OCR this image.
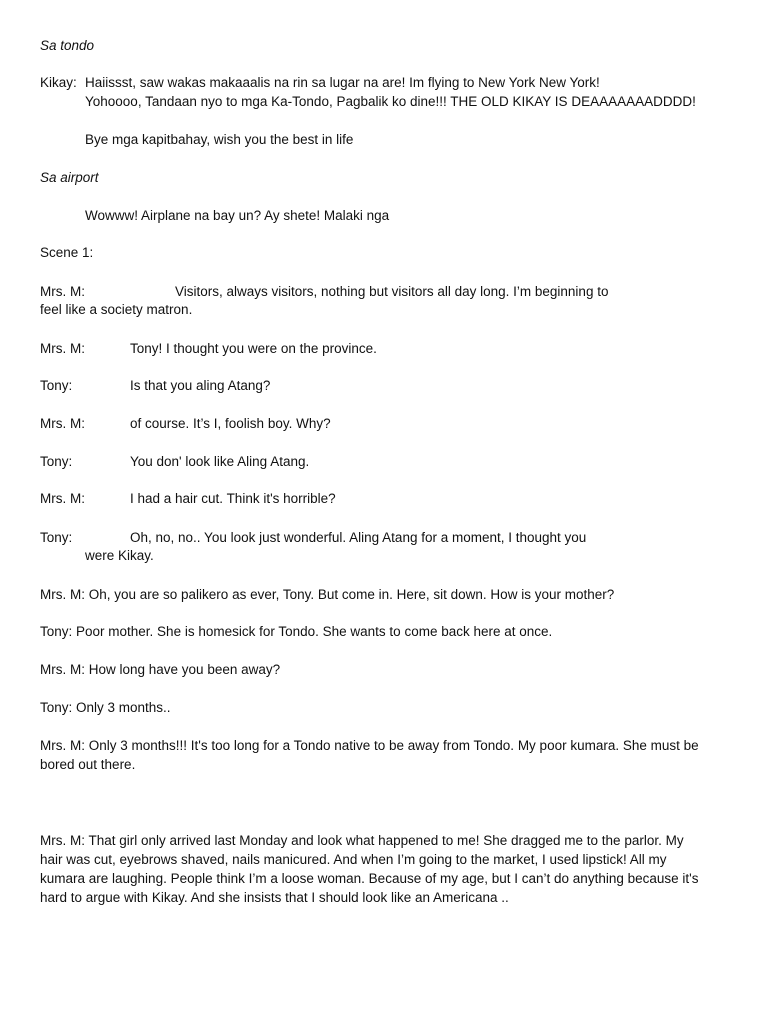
Sa tondo
Kikay: Haiissst, saw wakas makaaalis na rin sa lugar na are! Im flying to New York New York!
Yohoooo, Tandaan nyo to mga Ka-Tondo, Pagbalik ko dine!!! THE OLD KIKAY IS DEAAAAAAADDDD!
Bye mga kapitbahay, wish you the best in life
Sa airport
Wowww! Airplane na bay un? Ay shete! Malaki nga
Scene 1:
Mrs. M:	Visitors, always visitors, nothing but visitors all day long. I’m beginning to
feel like a society matron.
Mrs. M:	Tony! I thought you were on the province.
Tony:	Is that you aling Atang?
Mrs. M:	of course. It’s I, foolish boy. Why?
Tony:	You don' look like Aling Atang.
Mrs. M:	I had a hair cut. Think it's horrible?
Tony:	Oh, no, no.. You look just wonderful. Aling Atang for a moment, I thought you
were Kikay.
Mrs. M: Oh, you are so palikero as ever, Tony. But come in. Here, sit down. How is your mother?
Tony: Poor mother. She is homesick for Tondo. She wants to come back here at once.
Mrs. M: How long have you been away?
Tony: Only 3 months..
Mrs. M: Only 3 months!!! It's too long for a Tondo native to be away from Tondo. My poor kumara. She must be
bored out there.
Mrs. M: That girl only arrived last Monday and look what happened to me! She dragged me to the parlor. My
hair was cut, eyebrows shaved, nails manicured. And when I’m going to the market, I used lipstick! All my
kumara are laughing. People think I’m a loose woman. Because of my age, but I can’t do anything because it's
hard to argue with Kikay. And she insists that I should look like an Americana ..
